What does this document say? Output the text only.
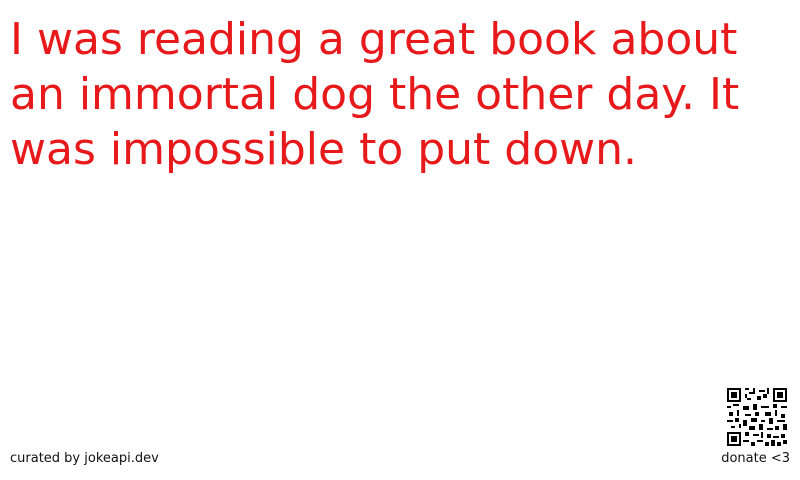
I was reading a great book about an immortal dog the other day. It was impossible to put down.

curated by jokeapi.dev	donate <3
